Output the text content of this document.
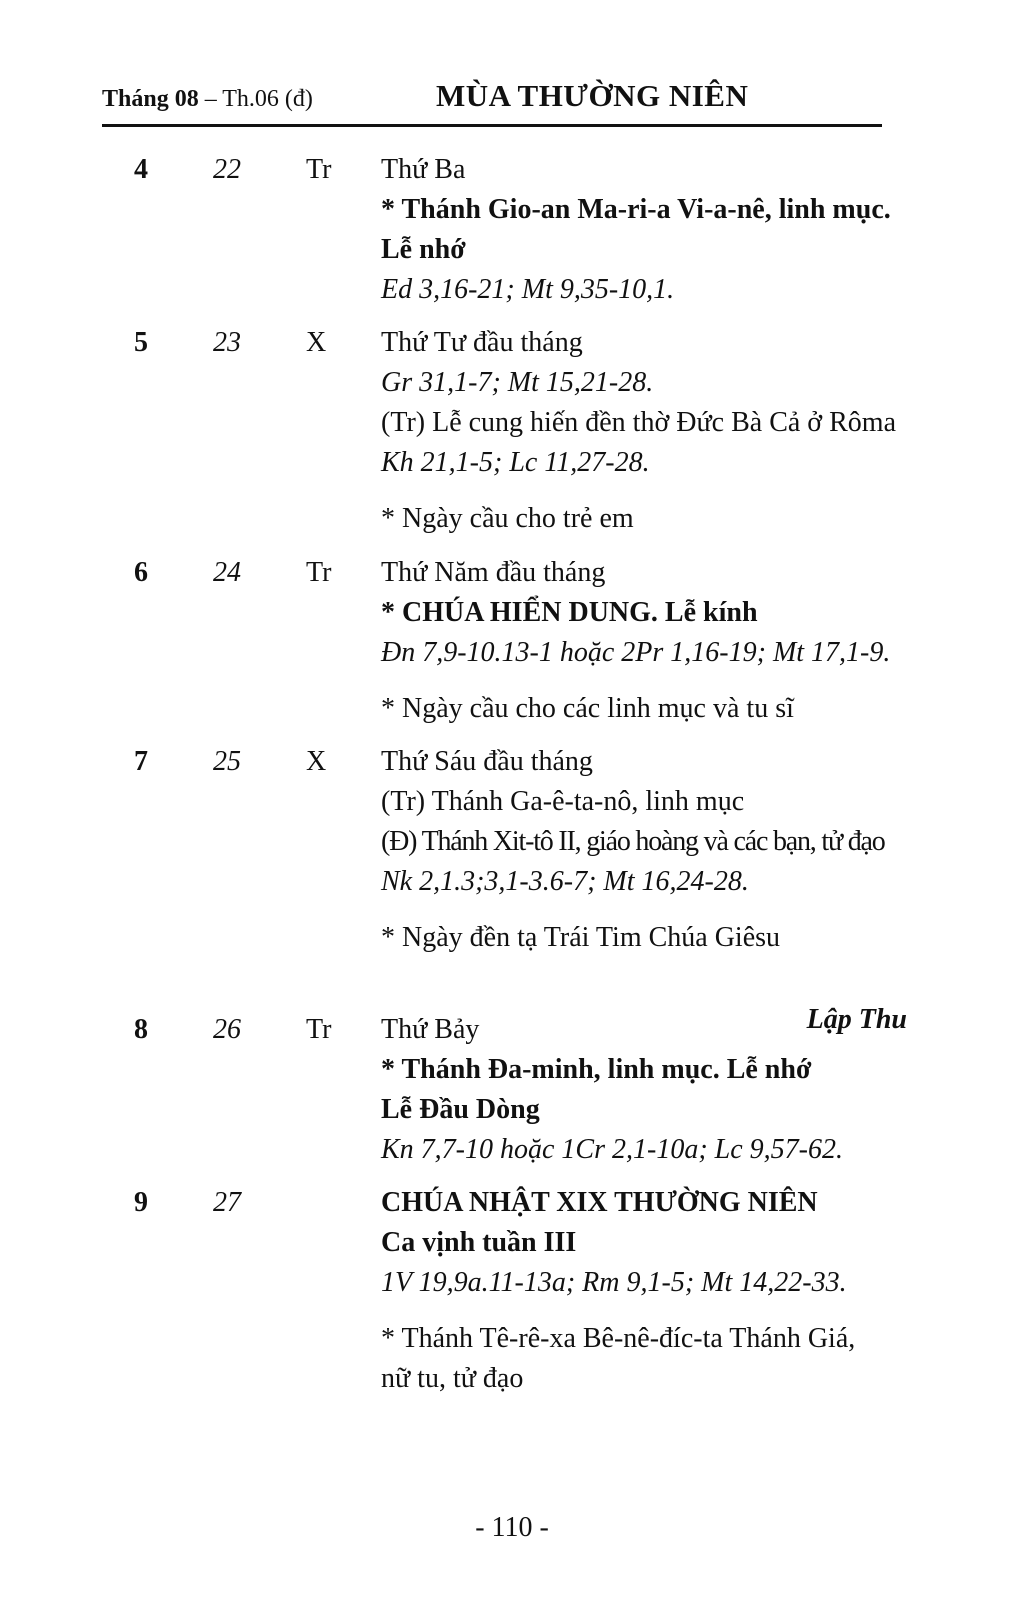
Tháng 08 – Th.06 (đ)	MÙA THƯỜNG NIÊN
4 22 Tr Thứ Ba
* Thánh Gio-an Ma-ri-a Vi-a-nê, linh mục.
Lễ nhớ
Ed 3,16-21; Mt 9,35-10,1.
5 23 X Thứ Tư đầu tháng
Gr 31,1-7; Mt 15,21-28.
(Tr) Lễ cung hiến đền thờ Đức Bà Cả ở Rôma
Kh 21,1-5; Lc 11,27-28.
* Ngày cầu cho trẻ em
6 24 Tr Thứ Năm đầu tháng
* CHÚA HIỂN DUNG. Lễ kính
Đn 7,9-10.13-1 hoặc 2Pr 1,16-19; Mt 17,1-9.
* Ngày cầu cho các linh mục và tu sĩ
7 25 X Thứ Sáu đầu tháng
(Tr) Thánh Ga-ê-ta-nô, linh mục
(Đ) Thánh Xit-tô II, giáo hoàng và các bạn, tử đạo
Nk 2,1.3;3,1-3.6-7; Mt 16,24-28.
* Ngày đền tạ Trái Tim Chúa Giêsu
Lập Thu
8 26 Tr Thứ Bảy
* Thánh Đa-minh, linh mục. Lễ nhớ
Lễ Đầu Dòng
Kn 7,7-10 hoặc 1Cr 2,1-10a; Lc 9,57-62.
9 27	CHÚA NHẬT XIX THƯỜNG NIÊN
Ca vịnh tuần III
1V 19,9a.11-13a; Rm 9,1-5; Mt 14,22-33.
* Thánh Tê-rê-xa Bê-nê-đíc-ta Thánh Giá,
nữ tu, tử đạo
- 110 -
